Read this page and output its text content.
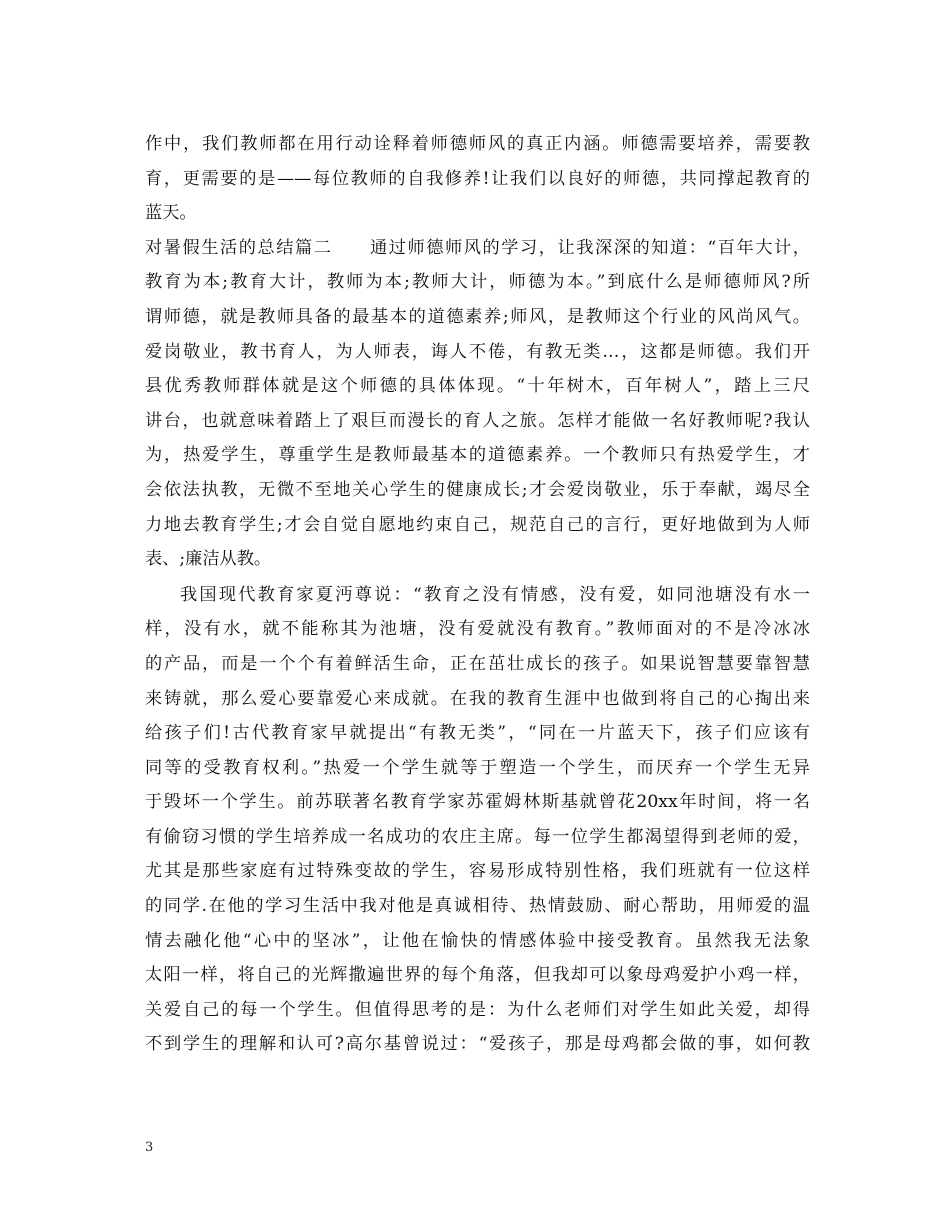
作中，我们教师都在用行动诠释着师德师风的真正内涵。师德需要培养，需要教
育，更需要的是——每位教师的自我修养!让我们以良好的师德，共同撑起教育的
蓝天。
对暑假生活的总结篇二 通过师德师风的学习，让我深深的知道：“百年大计，
教育为本;教育大计，教师为本;教师大计，师德为本。”到底什么是师德师风?所
谓师德，就是教师具备的最基本的道德素养;师风，是教师这个行业的风尚风气。
爱岗敬业，教书育人，为人师表，诲人不倦，有教无类…，这都是师德。我们开
县优秀教师群体就是这个师德的具体体现。“十年树木，百年树人”，踏上三尺
讲台，也就意味着踏上了艰巨而漫长的育人之旅。怎样才能做一名好教师呢?我认
为，热爱学生，尊重学生是教师最基本的道德素养。一个教师只有热爱学生，才
会依法执教，无微不至地关心学生的健康成长;才会爱岗敬业，乐于奉献，竭尽全
力地去教育学生;才会自觉自愿地约束自己，规范自己的言行，更好地做到为人师
表、;廉洁从教。
我国现代教育家夏沔尊说：“教育之没有情感，没有爱，如同池塘没有水一
样，没有水，就不能称其为池塘，没有爱就没有教育。”教师面对的不是冷冰冰
的产品，而是一个个有着鲜活生命，正在茁壮成长的孩子。如果说智慧要靠智慧
来铸就，那么爱心要靠爱心来成就。在我的教育生涯中也做到将自己的心掏出来
给孩子们!古代教育家早就提出“有教无类”，“同在一片蓝天下，孩子们应该有
同等的受教育权利。”热爱一个学生就等于塑造一个学生，而厌弃一个学生无异
于毁坏一个学生。前苏联著名教育学家苏霍姆林斯基就曾花20xx年时间，将一名
有偷窃习惯的学生培养成一名成功的农庄主席。每一位学生都渴望得到老师的爱，
尤其是那些家庭有过特殊变故的学生，容易形成特别性格，我们班就有一位这样
的同学.在他的学习生活中我对他是真诚相待、热情鼓励、耐心帮助，用师爱的温
情去融化他“心中的坚冰”，让他在愉快的情感体验中接受教育。虽然我无法象
太阳一样，将自己的光辉撒遍世界的每个角落，但我却可以象母鸡爱护小鸡一样，
关爱自己的每一个学生。但值得思考的是：为什么老师们对学生如此关爱，却得
不到学生的理解和认可?高尔基曾说过：“爱孩子，那是母鸡都会做的事，如何教
3
